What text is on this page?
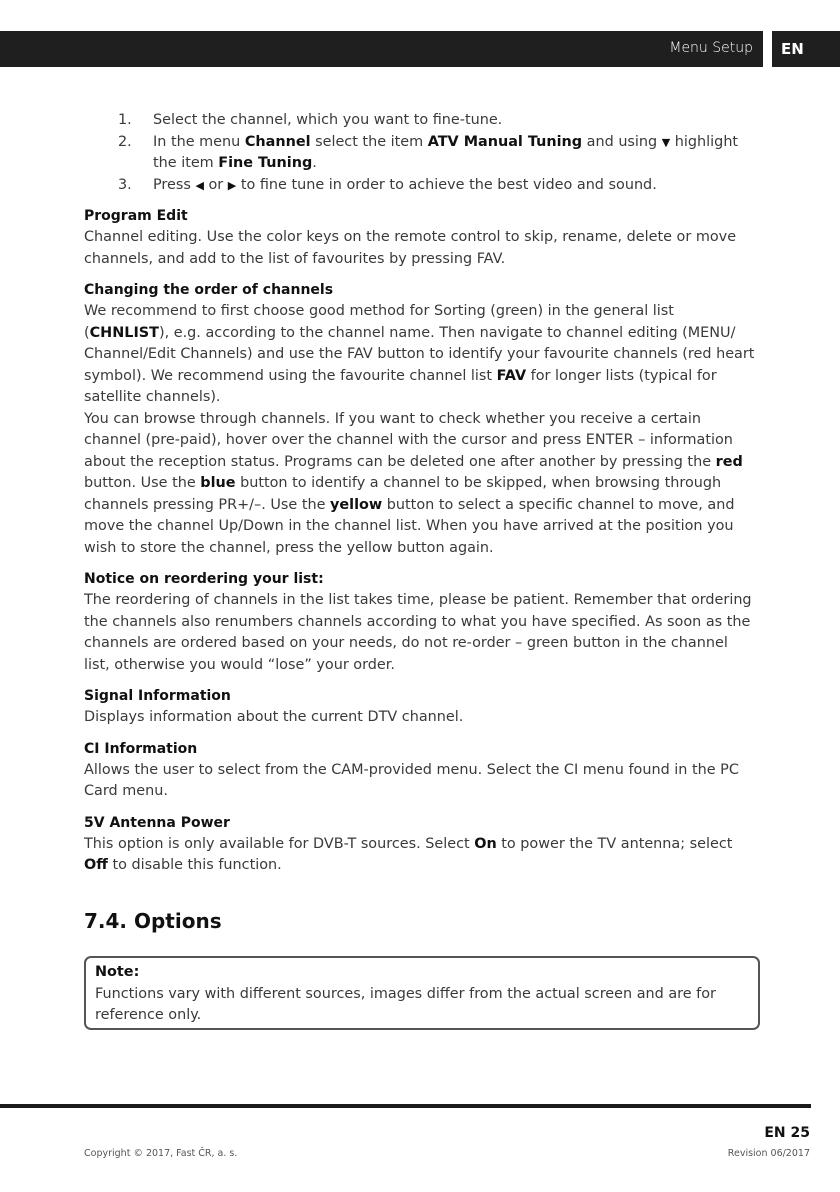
Menu Setup EN
1. Select the channel, which you want to fine-tune.
2. In the menu Channel select the item ATV Manual Tuning and using ▼ highlight the item Fine Tuning.
3. Press ◀ or ▶ to fine tune in order to achieve the best video and sound.
Program Edit

Channel editing. Use the color keys on the remote control to skip, rename, delete or move channels, and add to the list of favourites by pressing FAV.

Changing the order of channels

We recommend to first choose good method for Sorting (green) in the general list (CHNLIST), e.g. according to the channel name. Then navigate to channel editing (MENU/ Channel/Edit Channels) and use the FAV button to identify your favourite channels (red heart symbol). We recommend using the favourite channel list FAV for longer lists (typical for satellite channels).

You can browse through channels. If you want to check whether you receive a certain channel (pre-paid), hover over the channel with the cursor and press ENTER – information about the reception status. Programs can be deleted one after another by pressing the red button. Use the blue button to identify a channel to be skipped, when browsing through channels pressing PR+/–. Use the yellow button to select a specific channel to move, and move the channel Up/Down in the channel list. When you have arrived at the position you wish to store the channel, press the yellow button again.

Notice on reordering your list:

The reordering of channels in the list takes time, please be patient. Remember that ordering the channels also renumbers channels according to what you have specified. As soon as the channels are ordered based on your needs, do not re-order – green button in the channel list, otherwise you would “lose” your order.

Signal Information

Displays information about the current DTV channel.

CI Information

Allows the user to select from the CAM-provided menu. Select the CI menu found in the PC Card menu.

5V Antenna Power

This option is only available for DVB-T sources. Select On to power the TV antenna; select Off to disable this function.

7.4. Options
Note:
Functions vary with different sources, images differ from the actual screen and are for reference only.
EN 25
Copyright © 2017, Fast ČR, a. s.	Revision 06/2017
